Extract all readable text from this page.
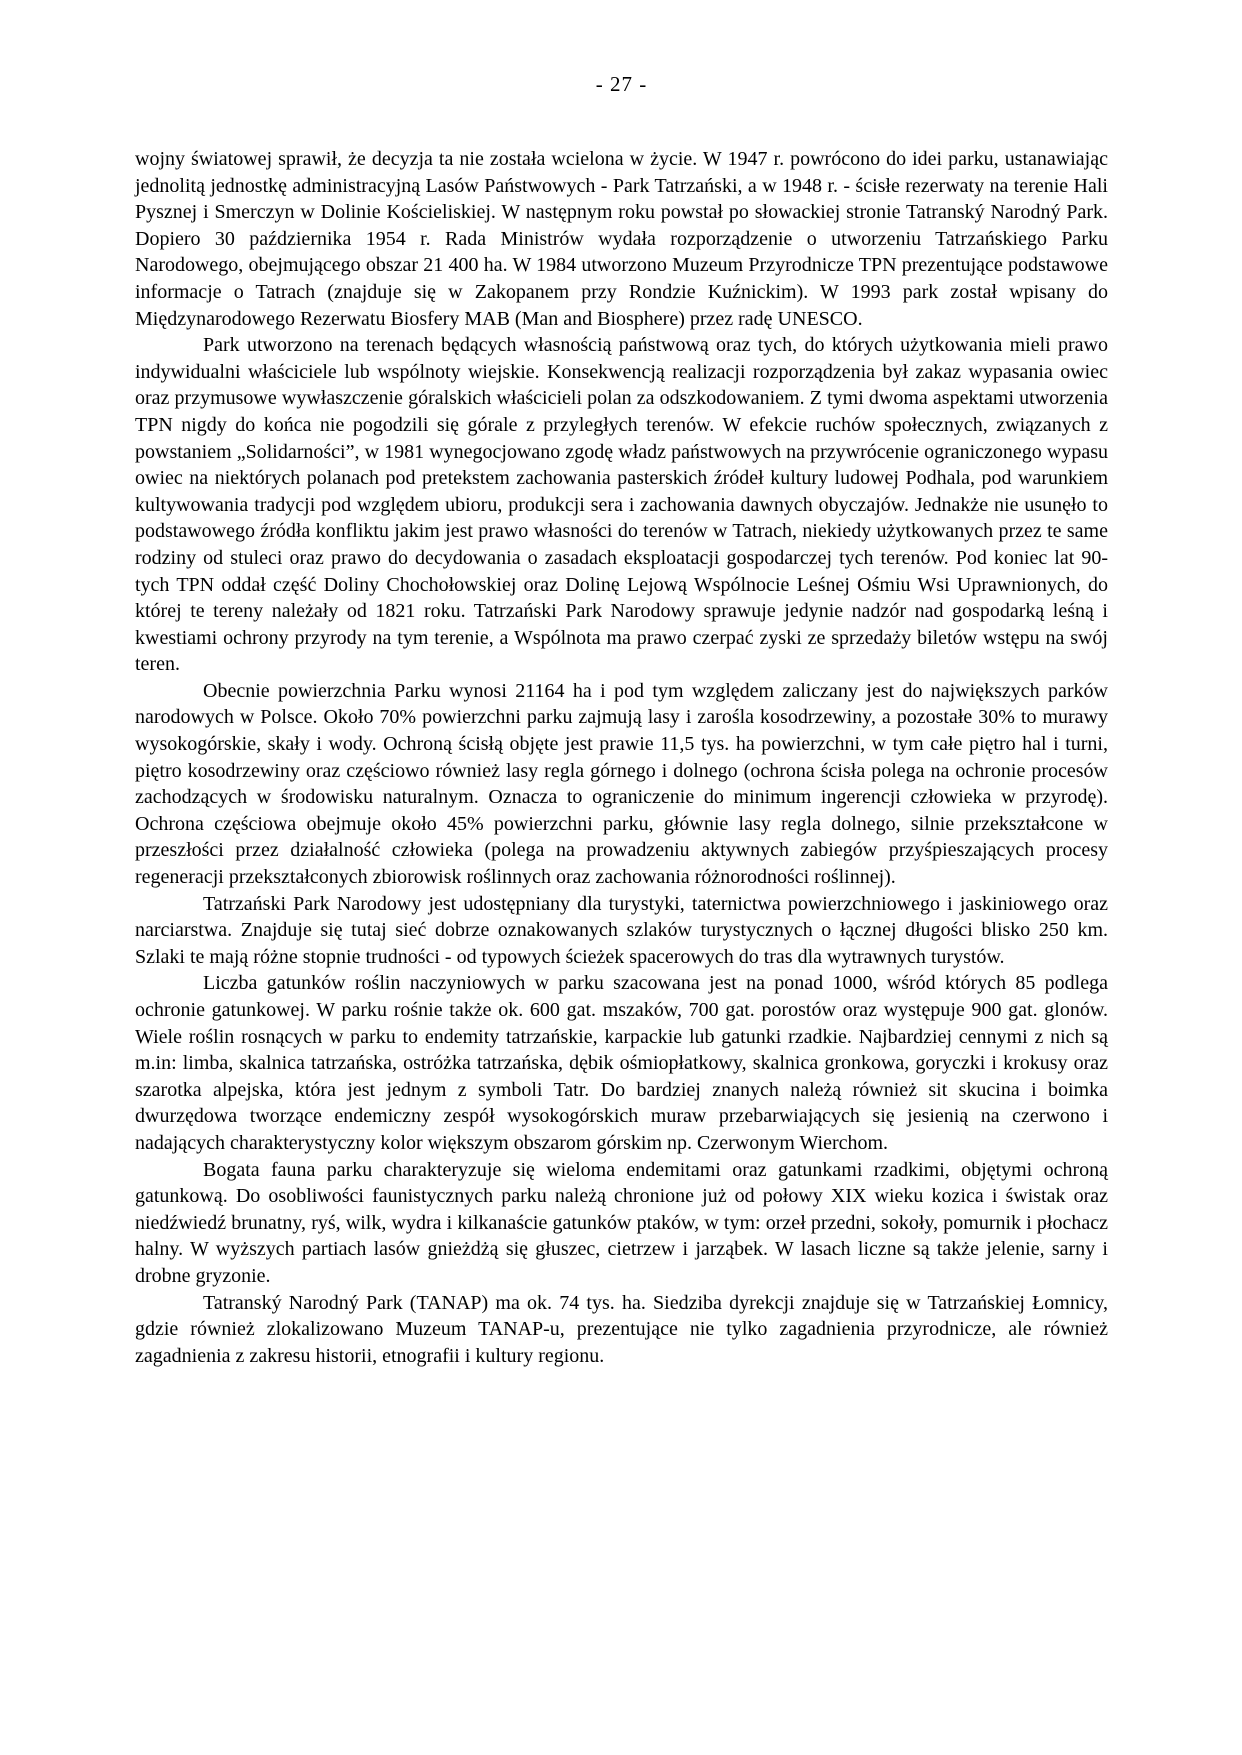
- 27 -

wojny światowej sprawił, że decyzja ta nie została wcielona w życie. W 1947 r. powrócono do idei parku, ustanawiając jednolitą jednostkę administracyjną Lasów Państwowych - Park Tatrzański, a w 1948 r. - ścisłe rezerwaty na terenie Hali Pysznej i Smerczyn w Dolinie Kościeliskiej. W następnym roku powstał po słowackiej stronie Tatranský Narodný Park. Dopiero 30 października 1954 r. Rada Ministrów wydała rozporządzenie o utworzeniu Tatrzańskiego Parku Narodowego, obejmującego obszar 21 400 ha. W 1984 utworzono Muzeum Przyrodnicze TPN prezentujące podstawowe informacje o Tatrach (znajduje się w Zakopanem przy Rondzie Kuźnickim). W 1993 park został wpisany do Międzynarodowego Rezerwatu Biosfery MAB (Man and Biosphere) przez radę UNESCO.

Park utworzono na terenach będących własnością państwową oraz tych, do których użytkowania mieli prawo indywidualni właściciele lub wspólnoty wiejskie. Konsekwencją realizacji rozporządzenia był zakaz wypasania owiec oraz przymusowe wywłaszczenie góralskich właścicieli polan za odszkodowaniem. Z tymi dwoma aspektami utworzenia TPN nigdy do końca nie pogodzili się górale z przyległych terenów. W efekcie ruchów społecznych, związanych z powstaniem „Solidarności”, w 1981 wynegocjowano zgodę władz państwowych na przywrócenie ograniczonego wypasu owiec na niektórych polanach pod pretekstem zachowania pasterskich źródeł kultury ludowej Podhala, pod warunkiem kultywowania tradycji pod względem ubioru, produkcji sera i zachowania dawnych obyczajów. Jednakże nie usunęło to podstawowego źródła konfliktu jakim jest prawo własności do terenów w Tatrach, niekiedy użytkowanych przez te same rodziny od stuleci oraz prawo do decydowania o zasadach eksploatacji gospodarczej tych terenów. Pod koniec lat 90-tych TPN oddał część Doliny Chochołowskiej oraz Dolinę Lejową Wspólnocie Leśnej Ośmiu Wsi Uprawnionych, do której te tereny należały od 1821 roku. Tatrzański Park Narodowy sprawuje jedynie nadzór nad gospodarką leśną i kwestiami ochrony przyrody na tym terenie, a Wspólnota ma prawo czerpać zyski ze sprzedaży biletów wstępu na swój teren.

Obecnie powierzchnia Parku wynosi 21164 ha i pod tym względem zaliczany jest do największych parków narodowych w Polsce. Około 70% powierzchni parku zajmują lasy i zarośla kosodrzewiny, a pozostałe 30% to murawy wysokogórskie, skały i wody. Ochroną ścisłą objęte jest prawie 11,5 tys. ha powierzchni, w tym całe piętro hal i turni, piętro kosodrzewiny oraz częściowo również lasy regla górnego i dolnego (ochrona ścisła polega na ochronie procesów zachodzących w środowisku naturalnym. Oznacza to ograniczenie do minimum ingerencji człowieka w przyrodę). Ochrona częściowa obejmuje około 45% powierzchni parku, głównie lasy regla dolnego, silnie przekształcone w przeszłości przez działalność człowieka (polega na prowadzeniu aktywnych zabiegów przyśpieszających procesy regeneracji przekształconych zbiorowisk roślinnych oraz zachowania różnorodności roślinnej).

Tatrzański Park Narodowy jest udostępniany dla turystyki, taternictwa powierzchniowego i jaskiniowego oraz narciarstwa. Znajduje się tutaj sieć dobrze oznakowanych szlaków turystycznych o łącznej długości blisko 250 km. Szlaki te mają różne stopnie trudności - od typowych ścieżek spacerowych do tras dla wytrawnych turystów.

Liczba gatunków roślin naczyniowych w parku szacowana jest na ponad 1000, wśród których 85 podlega ochronie gatunkowej. W parku rośnie także ok. 600 gat. mszaków, 700 gat. porostów oraz występuje 900 gat. glonów. Wiele roślin rosnących w parku to endemity tatrzańskie, karpackie lub gatunki rzadkie. Najbardziej cennymi z nich są m.in: limba, skalnica tatrzańska, ostróżka tatrzańska, dębik ośmiopłatkowy, skalnica gronkowa, goryczki i krokusy oraz szarotka alpejska, która jest jednym z symboli Tatr. Do bardziej znanych należą również sit skucina i boimka dwurzędowa tworzące endemiczny zespół wysokogórskich muraw przebarwiających się jesienią na czerwono i nadających charakterystyczny kolor większym obszarom górskim np. Czerwonym Wierchom.

Bogata fauna parku charakteryzuje się wieloma endemitami oraz gatunkami rzadkimi, objętymi ochroną gatunkową. Do osobliwości faunistycznych parku należą chronione już od połowy XIX wieku kozica i świstak oraz niedźwiedź brunatny, ryś, wilk, wydra i kilkanaście gatunków ptaków, w tym: orzeł przedni, sokoły, pomurnik i płochacz halny. W wyższych partiach lasów gnieżdżą się głuszec, cietrzew i jarząbek. W lasach liczne są także jelenie, sarny i drobne gryzonie.

Tatranský Narodný Park (TANAP) ma ok. 74 tys. ha. Siedziba dyrekcji znajduje się w Tatrzańskiej Łomnicy, gdzie również zlokalizowano Muzeum TANAP-u, prezentujące nie tylko zagadnienia przyrodnicze, ale również zagadnienia z zakresu historii, etnografii i kultury regionu.
